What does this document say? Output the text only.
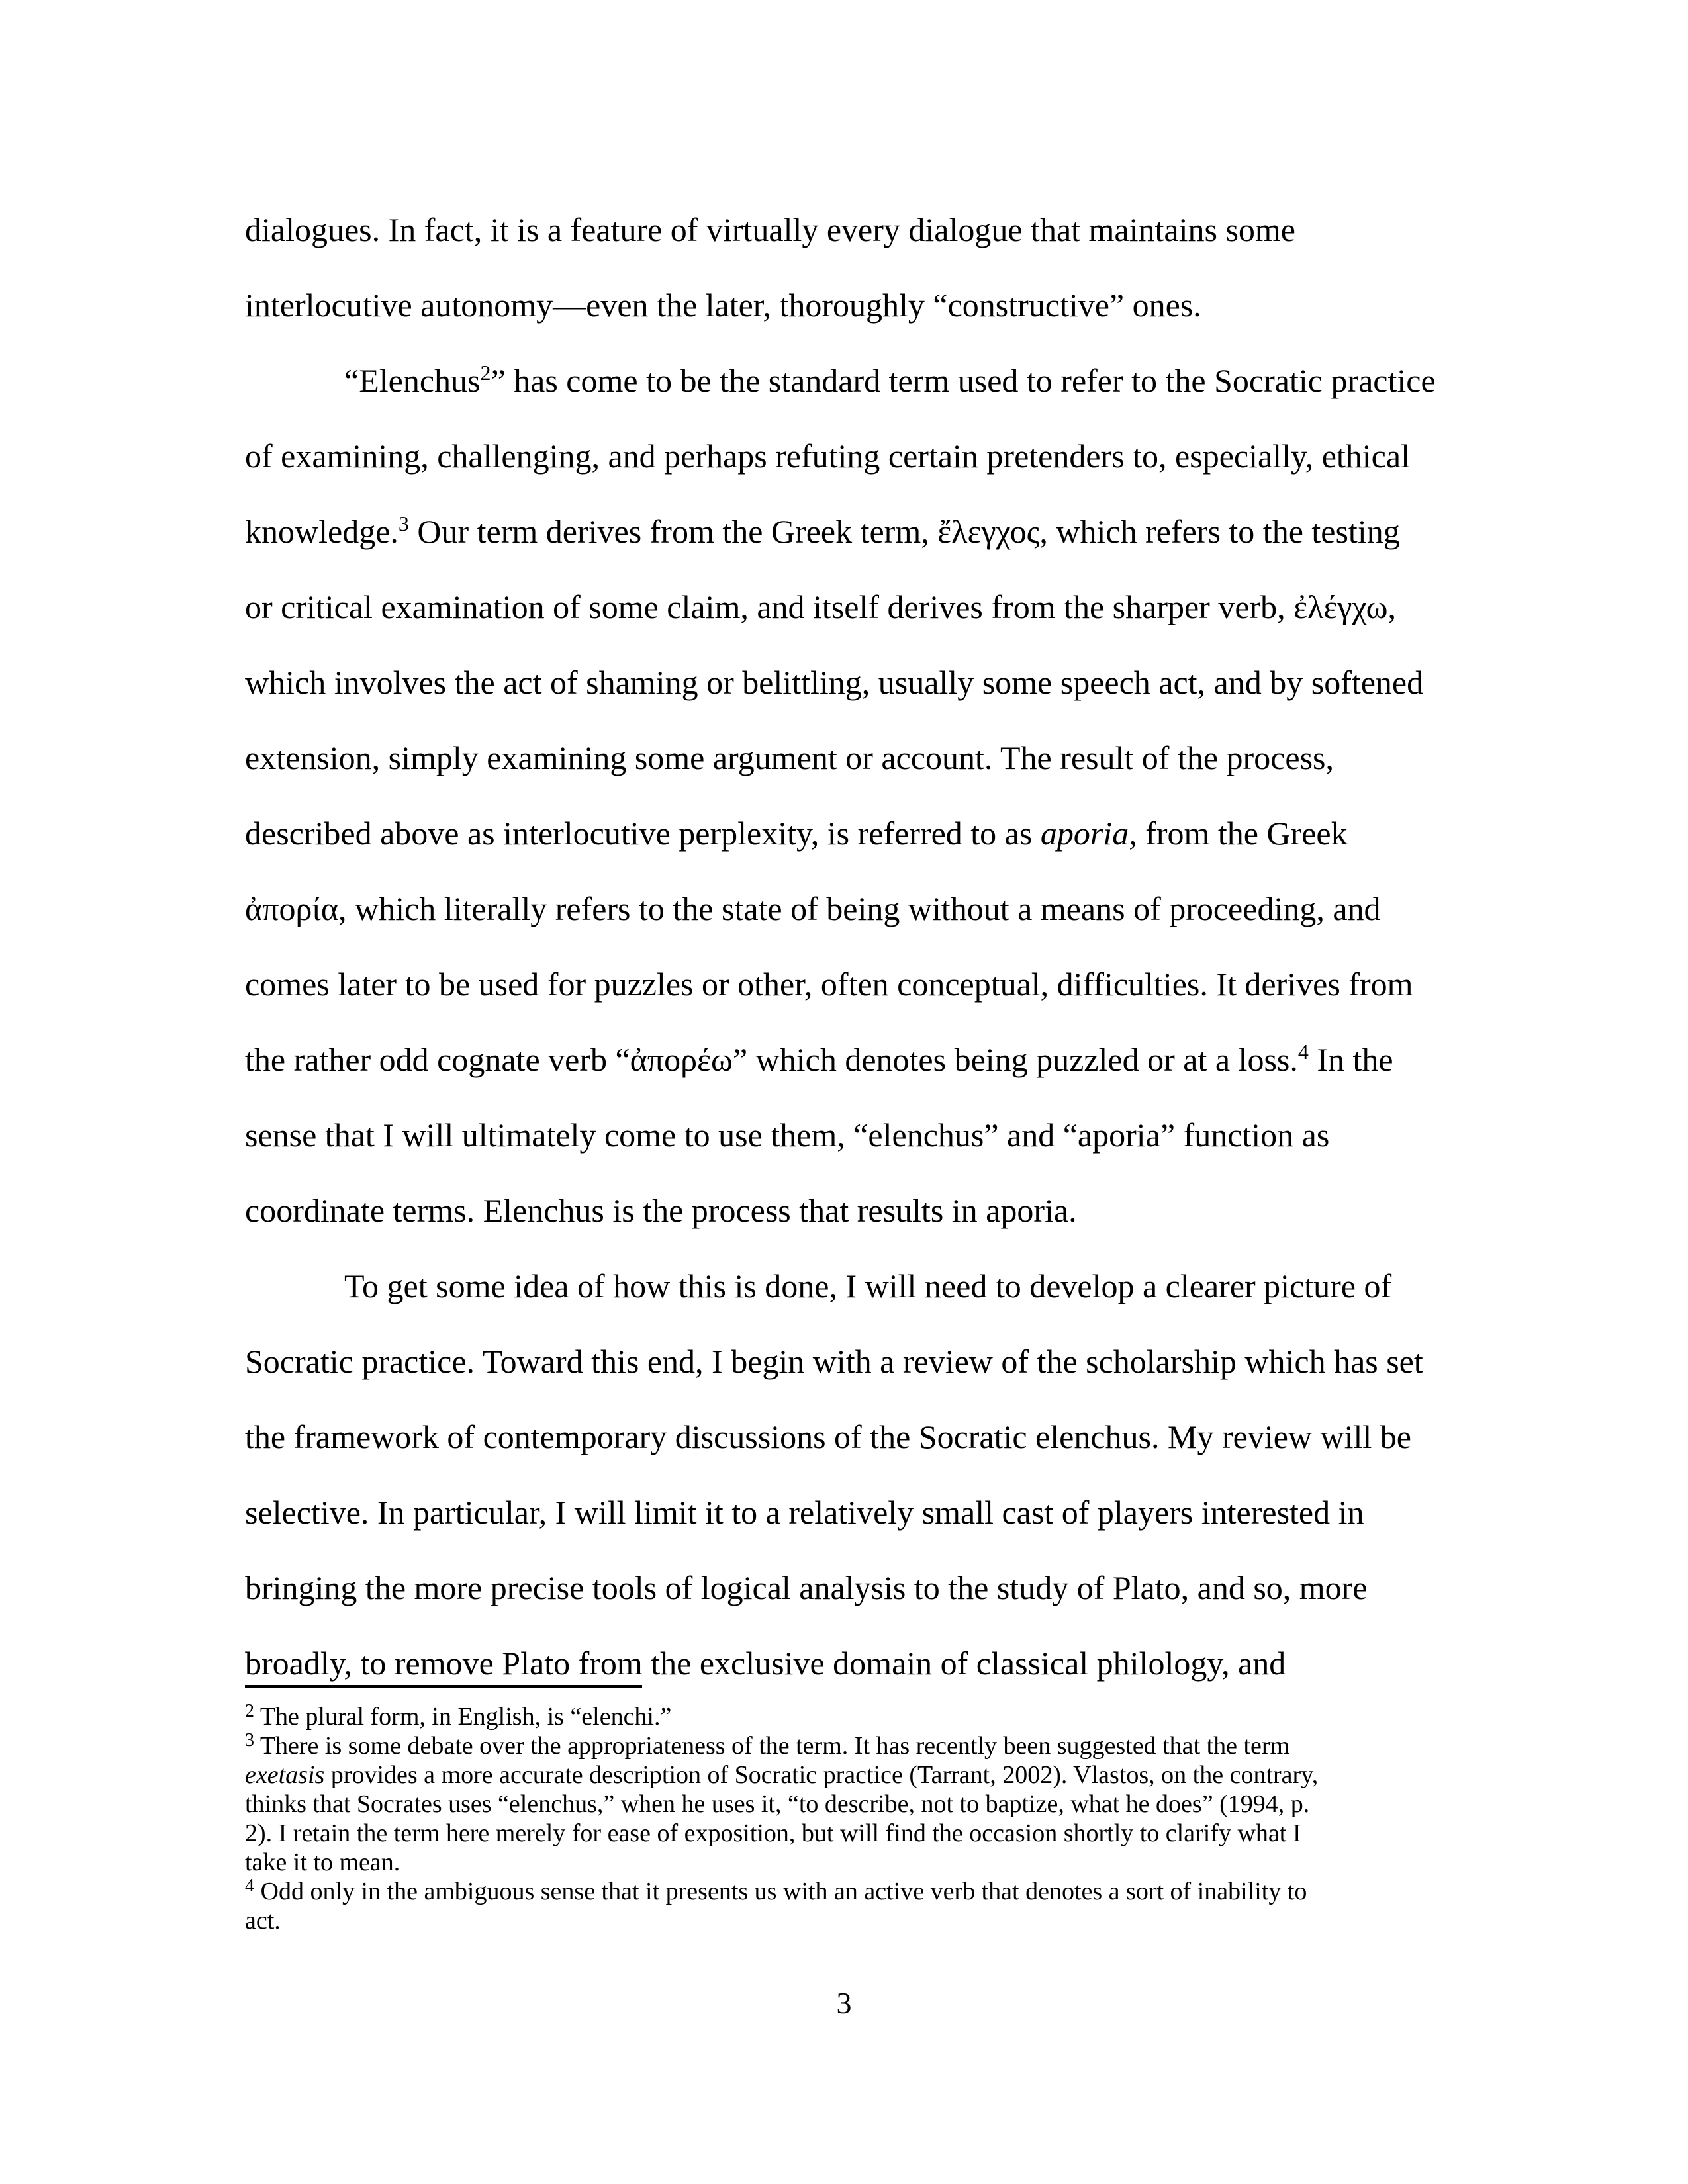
dialogues. In fact, it is a feature of virtually every dialogue that maintains some
interlocutive autonomy—even the later, thoroughly “constructive” ones.
“Elenchus$^2$” has come to be the standard term used to refer to the Socratic practice
of examining, challenging, and perhaps refuting certain pretenders to, especially, ethical
knowledge.$^3$ Our term derives from the Greek term, ἔλεγχος, which refers to the testing
or critical examination of some claim, and itself derives from the sharper verb, ἐλέγχω,
which involves the act of shaming or belittling, usually some speech act, and by softened
extension, simply examining some argument or account. The result of the process,
described above as interlocutive perplexity, is referred to as aporia, from the Greek
ἀπορία, which literally refers to the state of being without a means of proceeding, and
comes later to be used for puzzles or other, often conceptual, difficulties. It derives from
the rather odd cognate verb “ἀπορέω” which denotes being puzzled or at a loss.$^4$ In the
sense that I will ultimately come to use them, “elenchus” and “aporia” function as
coordinate terms. Elenchus is the process that results in aporia.
To get some idea of how this is done, I will need to develop a clearer picture of
Socratic practice. Toward this end, I begin with a review of the scholarship which has set
the framework of contemporary discussions of the Socratic elenchus. My review will be
selective. In particular, I will limit it to a relatively small cast of players interested in
bringing the more precise tools of logical analysis to the study of Plato, and so, more
broadly, to remove Plato from the exclusive domain of classical philology, and
$^2$ The plural form, in English, is “elenchi.”
$^3$ There is some debate over the appropriateness of the term. It has recently been suggested that the term
exetasis provides a more accurate description of Socratic practice (Tarrant, 2002). Vlastos, on the contrary,
thinks that Socrates uses “elenchus,” when he uses it, “to describe, not to baptize, what he does” (1994, p.
2). I retain the term here merely for ease of exposition, but will find the occasion shortly to clarify what I
take it to mean.
$^4$ Odd only in the ambiguous sense that it presents us with an active verb that denotes a sort of inability to
act.
3
